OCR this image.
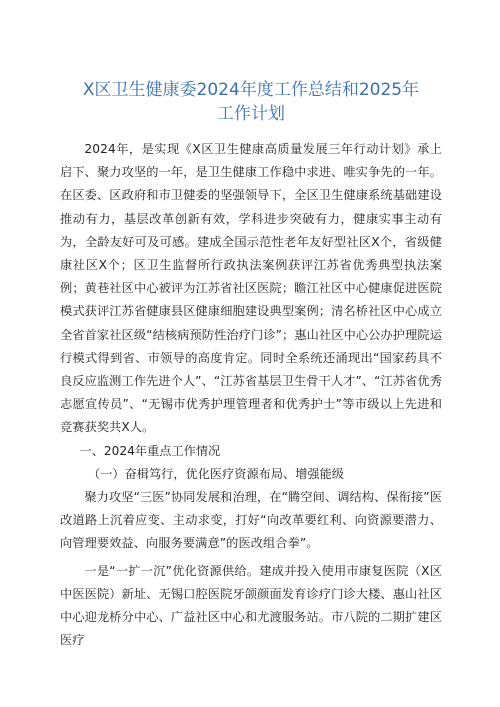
X区卫生健康委2024年度工作总结和2025年
工作计划

2024年，是实现《X区卫生健康高质量发展三年行动计划》承上启下、聚力攻坚的一年，是卫生健康工作稳中求进、唯实争先的一年。在区委、区政府和市卫健委的坚强领导下，全区卫生健康系统基础建设推动有力，基层改革创新有效，学科进步突破有力，健康实事主动有为，全龄友好可及可感。建成全国示范性老年友好型社区X个，省级健康社区X个；区卫生监督所行政执法案例获评江苏省优秀典型执法案例；黄巷社区中心被评为江苏省社区医院；瞻江社区中心健康促进医院模式获评江苏省健康县区健康细胞建设典型案例；清名桥社区中心成立全省首家社区级“结核病预防性治疗门诊”；惠山社区中心公办护理院运行模式得到省、市领导的高度肯定。同时全系统还涌现出“国家药具不良反应监测工作先进个人”、“江苏省基层卫生骨干人才”、“江苏省优秀志愿宣传员”、“无锡市优秀护理管理者和优秀护士”等市级以上先进和竞赛获奖共X人。

一、2024年重点工作情况

（一）奋楫笃行，优化医疗资源布局、增强能级

聚力攻坚“三医”协同发展和治理，在“腾空间、调结构、保衔接”医改道路上沉着应变、主动求变，打好“向改革要红利、向资源要潜力、向管理要效益、向服务要满意”的医改组合拳”。

一是“一扩一沉”优化资源供给。建成并投入使用市康复医院（X区中医医院）新址、无锡口腔医院牙颌颜面发育诊疗门诊大楼、惠山社区中心迎龙桥分中心、广益社区中心和尤渡服务站。市八院的二期扩建区医疗
